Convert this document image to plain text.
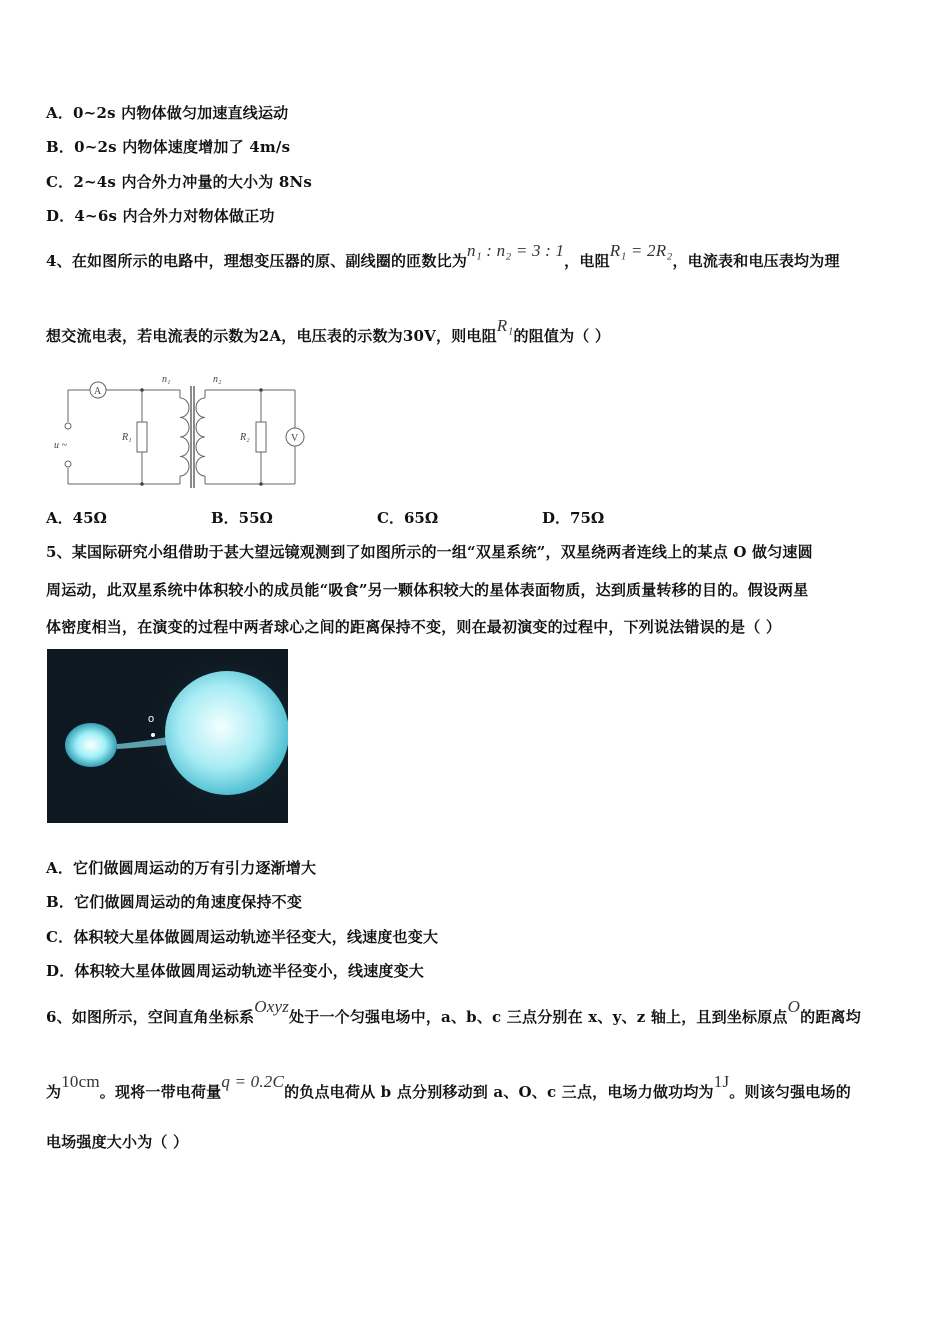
A．0~2s 内物体做匀加速直线运动
B．0~2s 内物体速度增加了 4m/s
C．2~4s 内合外力冲量的大小为 8Ns
D．4~6s 内合外力对物体做正功
4、在如图所示的电路中，理想变压器的原、副线圈的匝数比为n₁ : n₂ = 3 : 1，电阻R₁ = 2R₂，电流表和电压表均为理
想交流电表，若电流表的示数为2A，电压表的示数为30V，则电阻R₁的阻值为（ ）
A
V
n₁	n₂
R₁	R₂
u ~
A．45Ω	B．55Ω	C．65Ω	D．75Ω
5、某国际研究小组借助于甚大望远镜观测到了如图所示的一组“双星系统”，双星绕两者连线上的某点 O 做匀速圆
周运动，此双星系统中体积较小的成员能“吸食”另一颗体积较大的星体表面物质，达到质量转移的目的。假设两星
体密度相当，在演变的过程中两者球心之间的距离保持不变，则在最初演变的过程中，下列说法错误的是（ ）
o
A．它们做圆周运动的万有引力逐渐增大
B．它们做圆周运动的角速度保持不变
C．体积较大星体做圆周运动轨迹半径变大，线速度也变大
D．体积较大星体做圆周运动轨迹半径变小，线速度变大
6、如图所示，空间直角坐标系Oxyz处于一个匀强电场中，a、b、c 三点分别在 x、y、z 轴上，且到坐标原点O的距离均
为10cm。现将一带电荷量q = 0.2C的负点电荷从 b 点分别移动到 a、O、c 三点，电场力做功均为1J。则该匀强电场的
电场强度大小为（ ）
